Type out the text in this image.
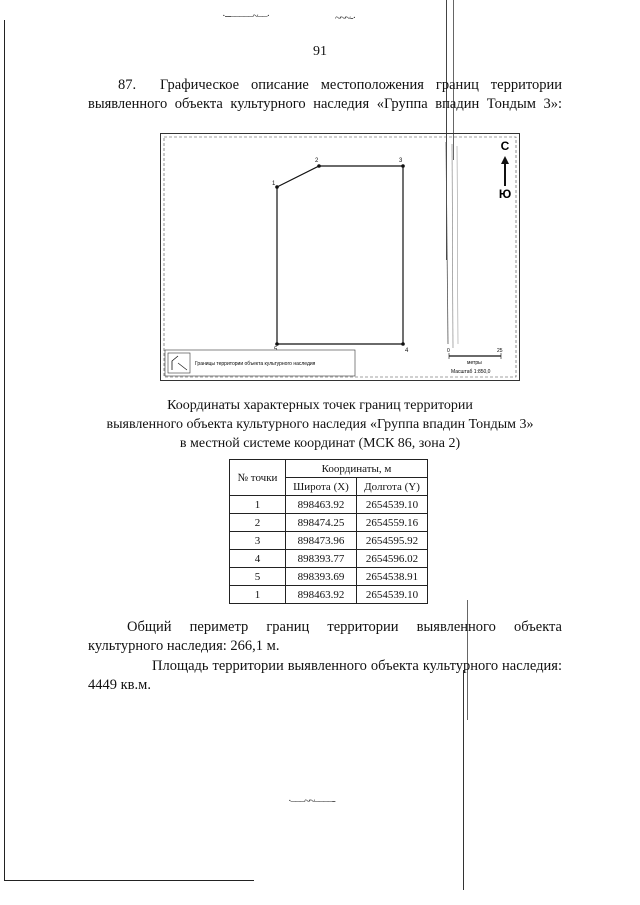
·‐‑–––––~––·	~~~‐·
·–––~~––––‐
91
87.  Графическое описание местоположения границ территории
выявленного объекта культурного наследия «Группа впадин Тондым 3»:
1
2	3
4
С
Ю
Границы территории объекта культурного наследия
0	25
метры
Масштаб 1:850,0
Координаты характерных точек границ территории
выявленного объекта культурного наследия «Группа впадин Тондым 3»
в местной системе координат (МСК 86, зона 2)
№ точки	Координаты, м	
	Широта (X)	Долгота (Y)
1	898463.92	2654539.10
2	898474.25	2654559.16
3	898473.96	2654595.92
4	898393.77	2654596.02
5	898393.69	2654538.91
1	898463.92	2654539.10
Общий периметр границ территории выявленного объекта
культурного наследия: 266,1 м.
Площадь территории выявленного объекта культурного наследия:
4449 кв.м.
